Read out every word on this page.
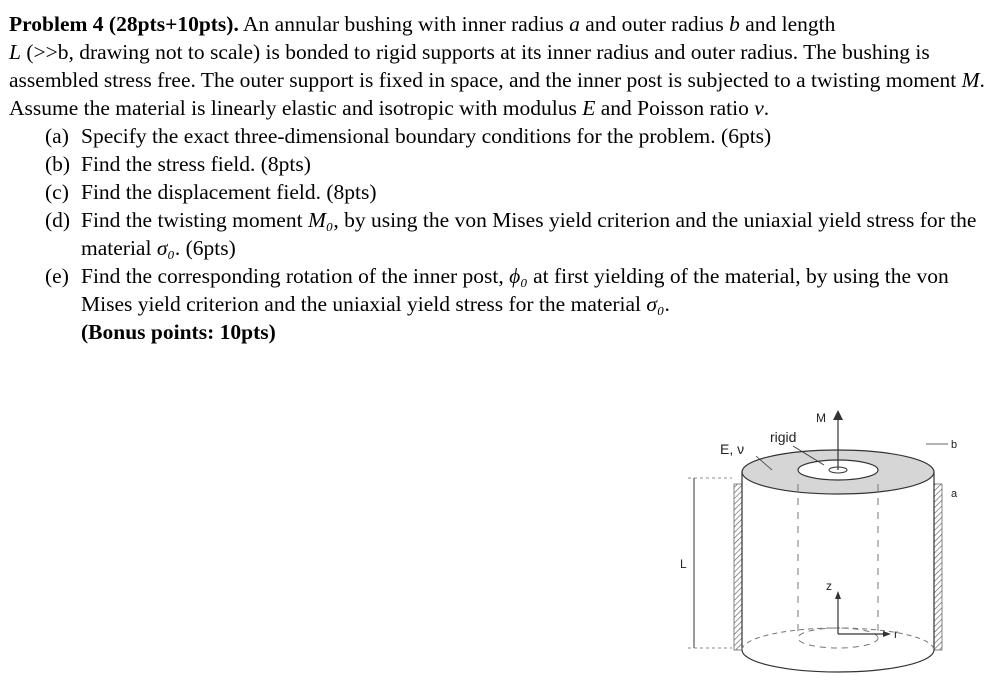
Problem 4 (28pts+10pts). An annular bushing with inner radius a and outer radius b and length
L (>>b, drawing not to scale) is bonded to rigid supports at its inner radius and outer radius. The bushing is assembled stress free. The outer support is fixed in space, and the inner post is subjected to a twisting moment M. Assume the material is linearly elastic and isotropic with modulus E and Poisson ratio ν.

(a) Specify the exact three-dimensional boundary conditions for the problem. (6pts)
(b) Find the stress field. (8pts)
(c) Find the displacement field. (8pts)
(d) Find the twisting moment M₀, by using the von Mises yield criterion and the uniaxial yield stress for the material σ₀. (6pts)
(e) Find the corresponding rotation of the inner post, ϕ₀ at first yielding of the material, by using the von Mises yield criterion and the uniaxial yield stress for the material σ₀.
(Bonus points: 10pts)
z
r
M
rigid
E, ν	b
a
L
